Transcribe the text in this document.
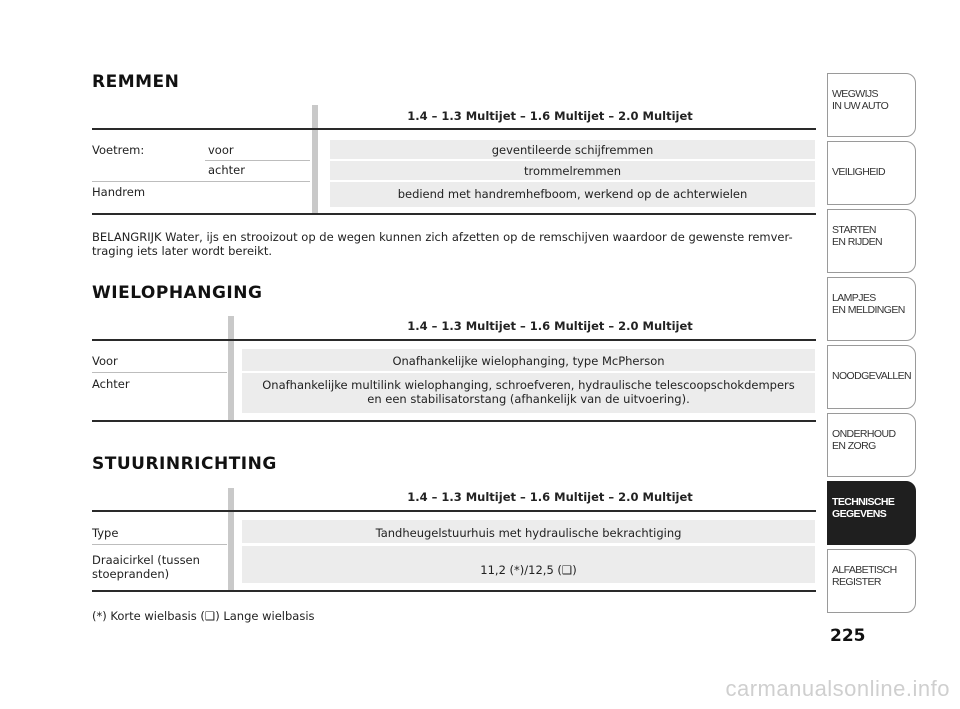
REMMEN
1.4 – 1.3 Multijet – 1.6 Multijet – 2.0 Multijet
geventileerde schijfremmen
trommelremmen
bediend met handremhefboom, werkend op de achterwielen
Voetrem:	voor
achter
Handrem
BELANGRIJK Water, ijs en strooizout op de wegen kunnen zich afzetten op de remschijven waardoor de gewenste remver-
traging iets later wordt bereikt.
WIELOPHANGING
1.4 – 1.3 Multijet – 1.6 Multijet – 2.0 Multijet
Onafhankelijke wielophanging, type McPherson
Onafhankelijke multilink wielophanging, schroefveren, hydraulische telescoopschokdempers
en een stabilisatorstang (afhankelijk van de uitvoering).
Voor
Achter
STUURINRICHTING
1.4 – 1.3 Multijet – 1.6 Multijet – 2.0 Multijet
Tandheugelstuurhuis met hydraulische bekrachtiging
11,2 (*)/12,5 (❑)
Type
Draaicirkel (tussen
stoepranden)
(*) Korte wielbasis (❑) Lange wielbasis
WEGWIJS
IN UW AUTO
VEILIGHEID
STARTEN
EN RIJDEN
LAMPJES
EN MELDINGEN
NOODGEVALLEN
ONDERHOUD
EN ZORG
TECHNISCHE
GEGEVENS
ALFABETISCH
REGISTER
225
carmanualsonline.info
